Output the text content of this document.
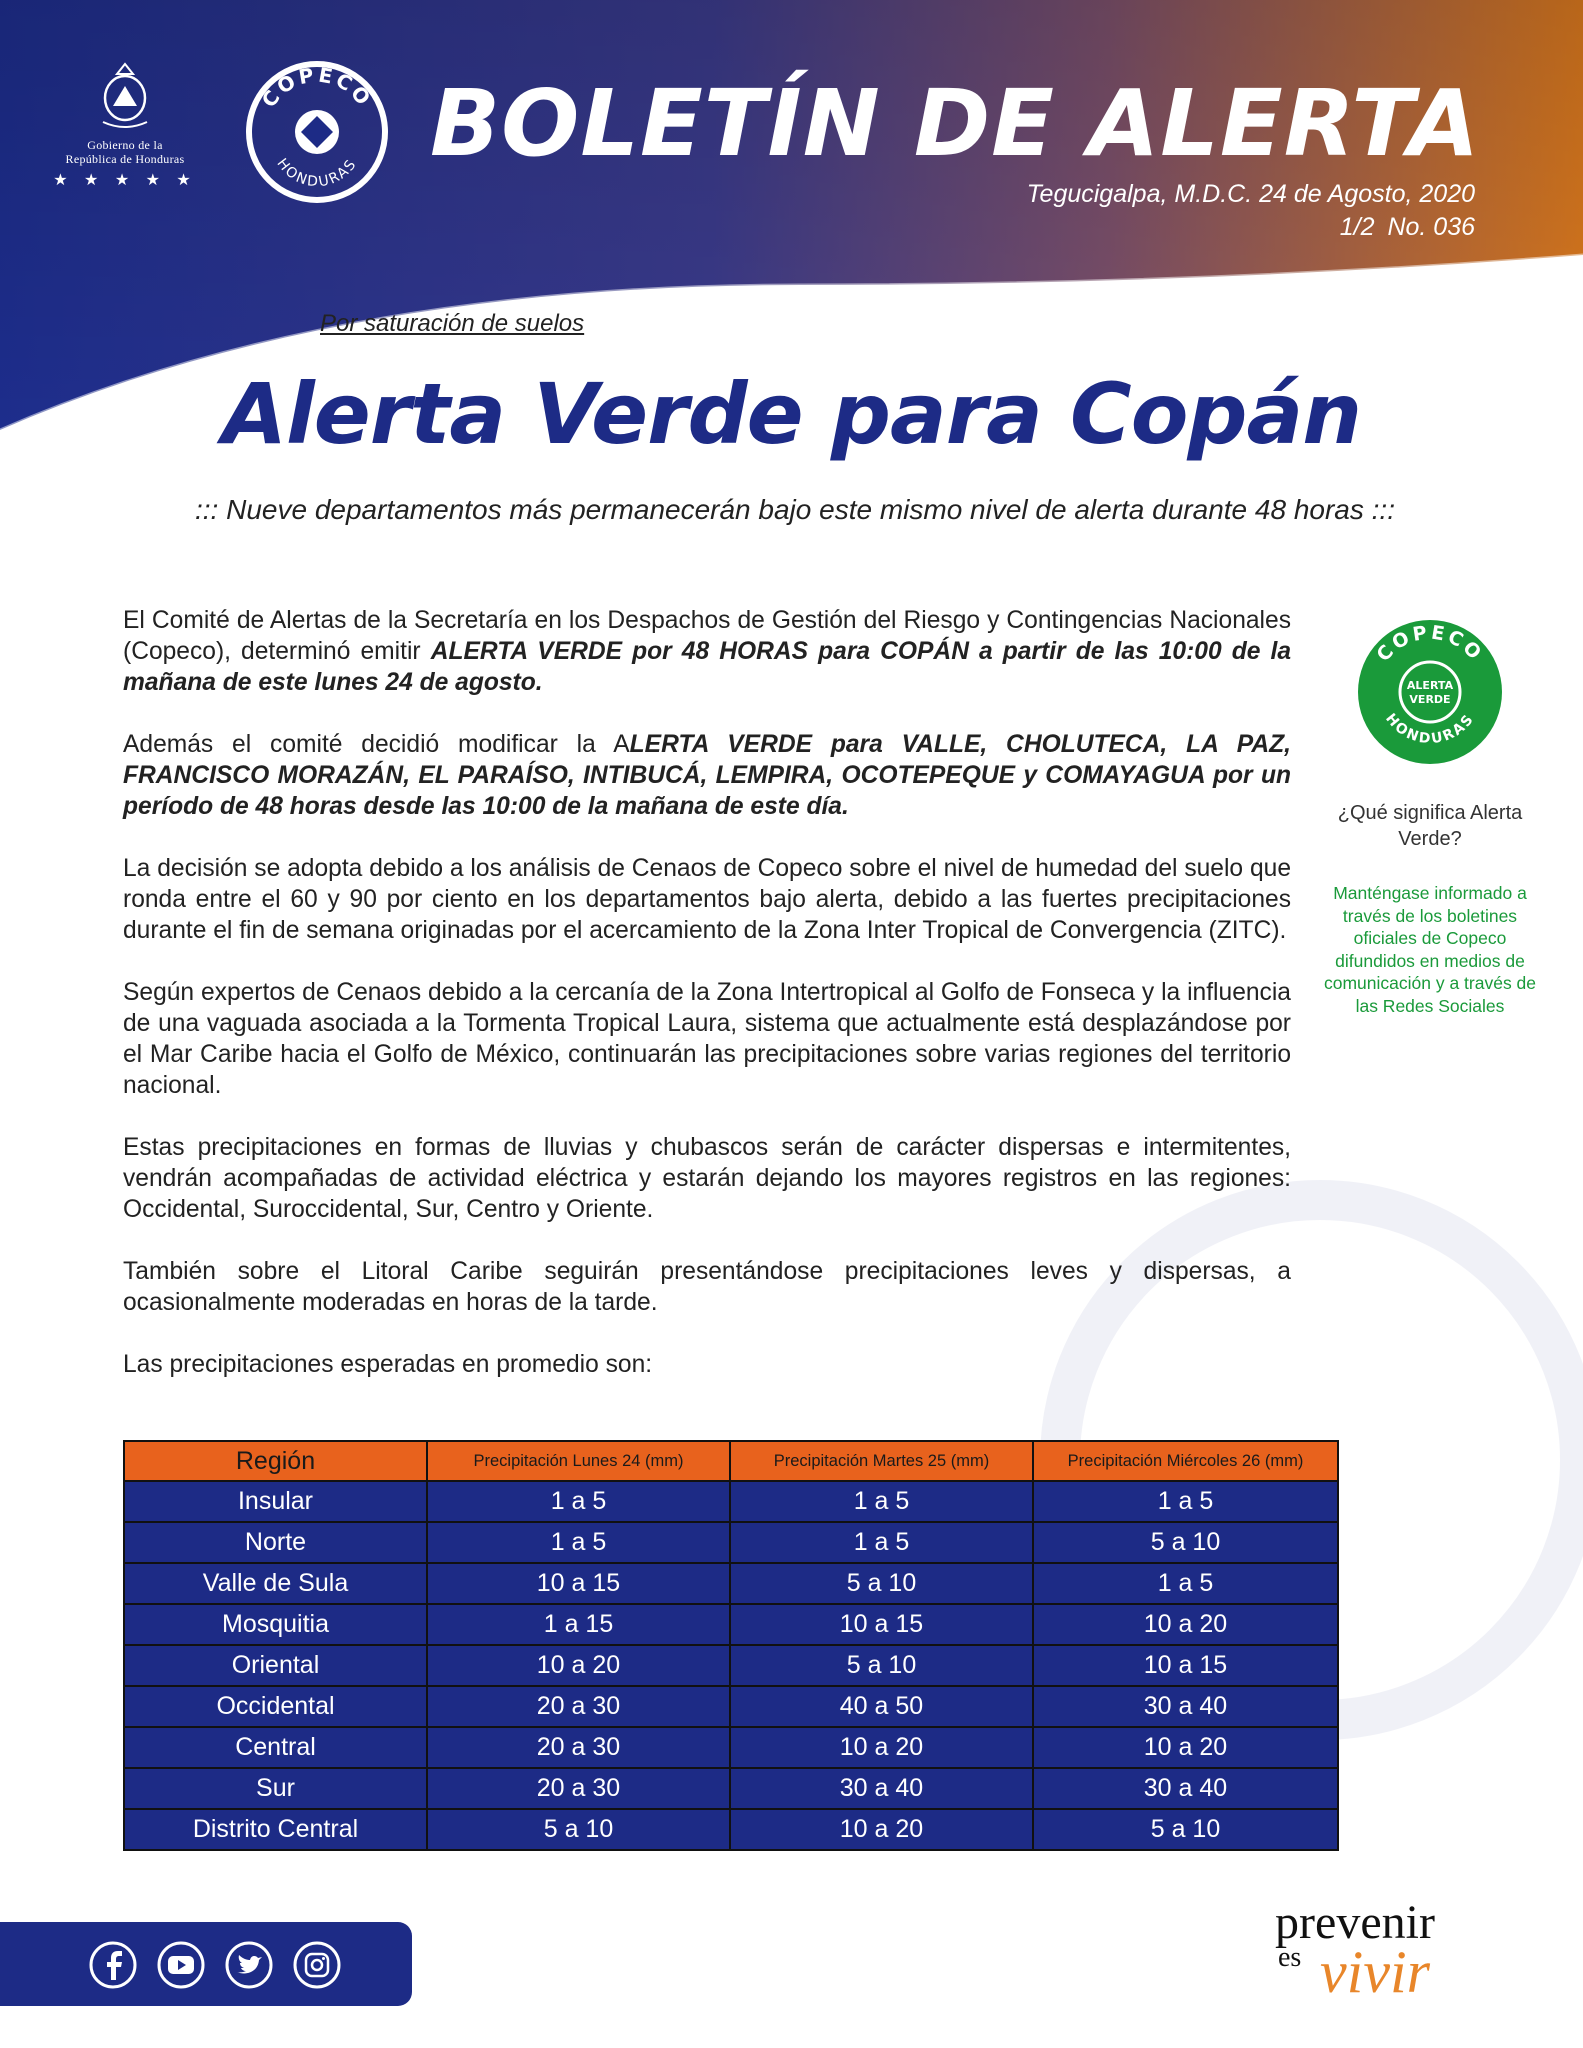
Gobierno de la
República de Honduras
★ ★ ★ ★ ★
COPECO
HONDURAS BOLETÍN DE ALERTA
Tegucigalpa, M.D.C. 24 de Agosto, 2020
1/2 No. 036
Por saturación de suelos
Alerta Verde para Copán
::: Nueve departamentos más permanecerán bajo este mismo nivel de alerta durante 48 horas :::

El Comité de Alertas de la Secretaría en los Despachos de Gestión del Riesgo y Contingencias Nacionales (Copeco), determinó emitir ALERTA VERDE por 48 HORAS para COPÁN a partir de las 10:00 de la mañana de este lunes 24 de agosto.

Además el comité decidió modificar la ALERTA VERDE para VALLE, CHOLUTECA, LA PAZ, FRANCISCO MORAZÁN, EL PARAÍSO, INTIBUCÁ, LEMPIRA, OCOTEPEQUE y COMAYAGUA por un período de 48 horas desde las 10:00 de la mañana de este día.

La decisión se adopta debido a los análisis de Cenaos de Copeco sobre el nivel de humedad del suelo que ronda entre el 60 y 90 por ciento en los departamentos bajo alerta, debido a las fuertes precipitaciones durante el fin de semana originadas por el acercamiento de la Zona Inter Tropical de Convergencia (ZITC).

Según expertos de Cenaos debido a la cercanía de la Zona Intertropical al Golfo de Fonseca y la influencia de una vaguada asociada a la Tormenta Tropical Laura, sistema que actualmente está desplazándose por el Mar Caribe hacia el Golfo de México, continuarán las precipitaciones sobre varias regiones del territorio nacional.

Estas precipitaciones en formas de lluvias y chubascos serán de carácter dispersas e intermitentes, vendrán acompañadas de actividad eléctrica y estarán dejando los mayores registros en las regiones: Occidental, Suroccidental, Sur, Centro y Oriente.

También sobre el Litoral Caribe seguirán presentándose precipitaciones leves y dispersas, a ocasionalmente moderadas en horas de la tarde.

Las precipitaciones esperadas en promedio son:

COPECO
HONDURAS
ALERTA
VERDE
¿Qué significa Alerta Verde?
Manténgase informado a través de los boletines oficiales de Copeco difundidos en medios de comunicación y a través de las Redes Sociales
Región	Precipitación Lunes 24 (mm)	Precipitación Martes 25 (mm)	Precipitación Miércoles 26 (mm)
Insular	1 a 5	1 a 5	1 a 5
Norte	1 a 5	1 a 5	5 a 10
Valle de Sula	10 a 15	5 a 10	1 a 5
Mosquitia	1 a 15	10 a 15	10 a 20
Oriental	10 a 20	5 a 10	10 a 15
Occidental	20 a 30	40 a 50	30 a 40
Central	20 a 30	10 a 20	10 a 20
Sur	20 a 30	30 a 40	30 a 40
Distrito Central	5 a 10	10 a 20	5 a 10
prevenir
es vivir
